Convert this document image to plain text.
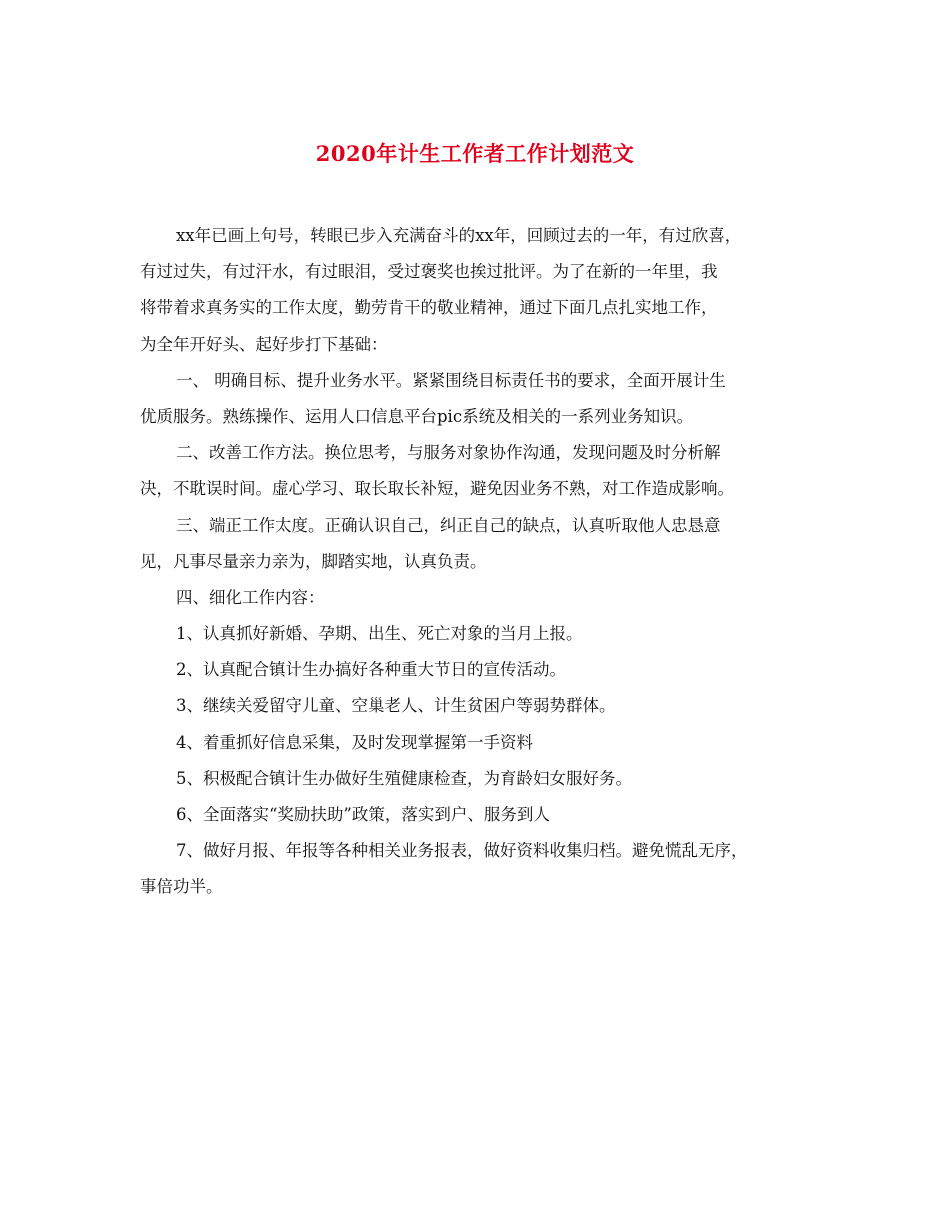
2020年计生工作者工作计划范文
xx年已画上句号，转眼已步入充满奋斗的xx年，回顾过去的一年，有过欣喜，
有过过失，有过汗水，有过眼泪，受过褒奖也挨过批评。为了在新的一年里，我
将带着求真务实的工作太度，勤劳肯干的敬业精神，通过下面几点扎实地工作，
为全年开好头、起好步打下基础：
一、 明确目标、提升业务水平。紧紧围绕目标责任书的要求，全面开展计生
优质服务。熟练操作、运用人口信息平台pic系统及相关的一系列业务知识。
二、改善工作方法。换位思考，与服务对象协作沟通，发现问题及时分析解
决，不耽误时间。虚心学习、取长取长补短，避免因业务不熟，对工作造成影响。
三、端正工作太度。正确认识自己，纠正自己的缺点，认真听取他人忠恳意
见，凡事尽量亲力亲为，脚踏实地，认真负责。
四、细化工作内容：
1、认真抓好新婚、孕期、出生、死亡对象的当月上报。
2、认真配合镇计生办搞好各种重大节日的宣传活动。
3、继续关爱留守儿童、空巢老人、计生贫困户等弱势群体。
4、着重抓好信息采集，及时发现掌握第一手资料
5、积极配合镇计生办做好生殖健康检查，为育龄妇女服好务。
6、全面落实“奖励扶助”政策，落实到户、服务到人
7、做好月报、年报等各种相关业务报表，做好资料收集归档。避免慌乱无序，
事倍功半。
